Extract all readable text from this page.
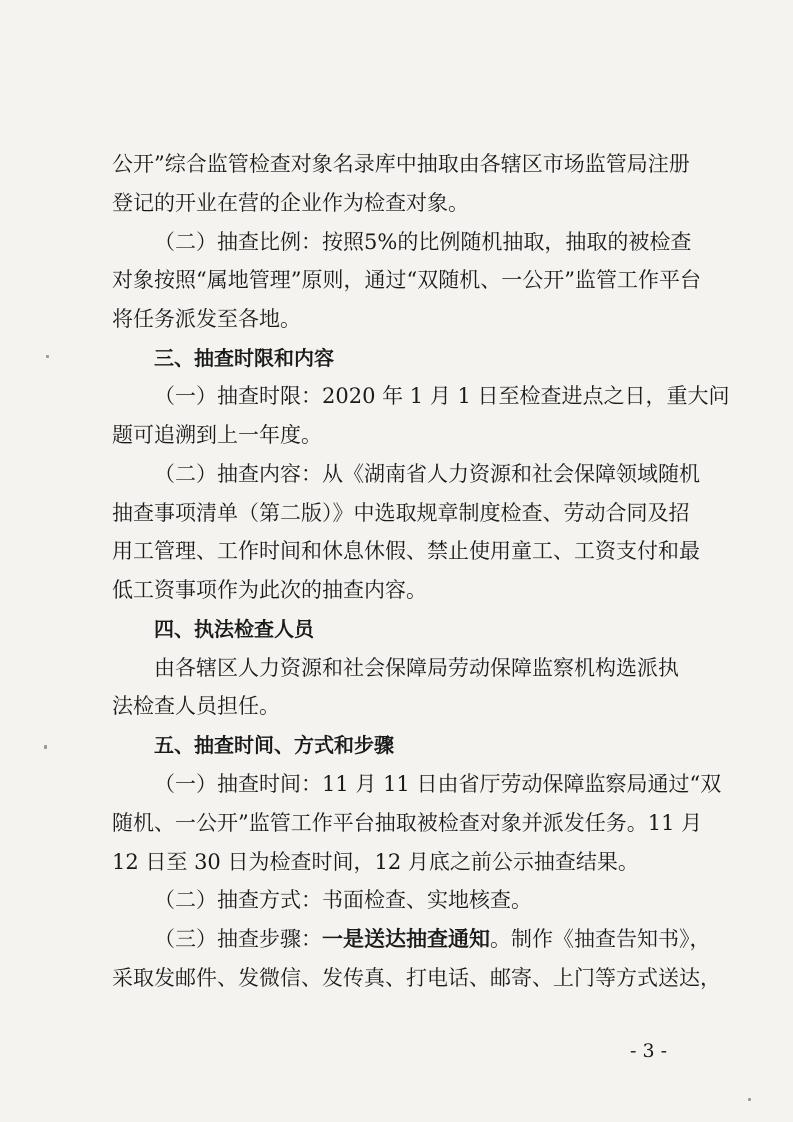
公开”综合监管检查对象名录库中抽取由各辖区市场监管局注册
登记的开业在营的企业作为检查对象。
（二）抽查比例：按照5%的比例随机抽取，抽取的被检查
对象按照“属地管理”原则，通过“双随机、一公开”监管工作平台
将任务派发至各地。
三、抽查时限和内容
（一）抽查时限：2020 年 1 月 1 日至检查进点之日，重大问
题可追溯到上一年度。
（二）抽查内容：从《湖南省人力资源和社会保障领域随机
抽查事项清单（第二版）》中选取规章制度检查、劳动合同及招
用工管理、工作时间和休息休假、禁止使用童工、工资支付和最
低工资事项作为此次的抽查内容。
四、执法检查人员
由各辖区人力资源和社会保障局劳动保障监察机构选派执
法检查人员担任。
五、抽查时间、方式和步骤
（一）抽查时间：11 月 11 日由省厅劳动保障监察局通过“双
随机、一公开”监管工作平台抽取被检查对象并派发任务。11 月
12 日至 30 日为检查时间，12 月底之前公示抽查结果。
（二）抽查方式：书面检查、实地核查。
（三）抽查步骤：一是送达抽查通知。制作《抽查告知书》，
采取发邮件、发微信、发传真、打电话、邮寄、上门等方式送达，
- 3 -
